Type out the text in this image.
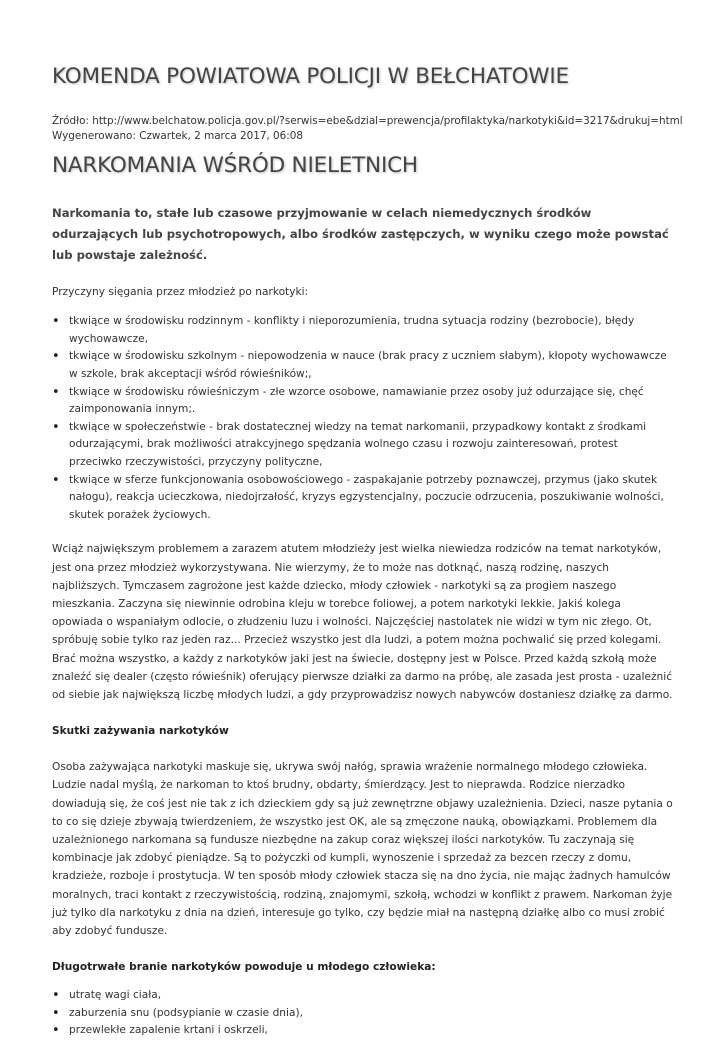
KOMENDA POWIATOWA POLICJI W BEŁCHATOWIE
Źródło: http://www.belchatow.policja.gov.pl/?serwis=ebe&dzial=prewencja/profilaktyka/narkotyki&id=3217&drukuj=html
Wygenerowano: Czwartek, 2 marca 2017, 06:08
NARKOMANIA WŚRÓD NIELETNICH

Narkomania to, stałe lub czasowe przyjmowanie w celach niemedycznych środków odurzających lub psychotropowych, albo środków zastępczych, w wyniku czego może powstać lub powstaje zależność.

Przyczyny sięgania przez młodzież po narkotyki:

• tkwiące w środowisku rodzinnym - konflikty i nieporozumienia, trudna sytuacja rodziny (bezrobocie), błędy wychowawcze,
• tkwiące w środowisku szkolnym - niepowodzenia w nauce (brak pracy z uczniem słabym), kłopoty wychowawcze w szkole, brak akceptacji wśród rówieśników;,
• tkwiące w środowisku rówieśniczym - złe wzorce osobowe, namawianie przez osoby już odurzające się, chęć zaimponowania innym;.
• tkwiące w społeczeństwie - brak dostatecznej wiedzy na temat narkomanii, przypadkowy kontakt z środkami odurzającymi, brak możliwości atrakcyjnego spędzania wolnego czasu i rozwoju zainteresowań, protest przeciwko rzeczywistości, przyczyny polityczne,
• tkwiące w sferze funkcjonowania osobowościowego - zaspakajanie potrzeby poznawczej, przymus (jako skutek nałogu), reakcja ucieczkowa, niedojrzałość, kryzys egzystencjalny, poczucie odrzucenia, poszukiwanie wolności, skutek porażek życiowych.

Wciąż największym problemem a zarazem atutem młodzieży jest wielka niewiedza rodziców na temat narkotyków, jest ona przez młodzież wykorzystywana. Nie wierzymy, że to może nas dotknąć, naszą rodzinę, naszych najbliższych. Tymczasem zagrożone jest każde dziecko, młody człowiek - narkotyki są za progiem naszego mieszkania. Zaczyna się niewinnie odrobina kleju w torebce foliowej, a potem narkotyki lekkie. Jakiś kolega opowiada o wspaniałym odlocie, o złudzeniu luzu i wolności. Najczęściej nastolatek nie widzi w tym nic złego. Ot, spróbuję sobie tylko raz jeden raz... Przecież wszystko jest dla ludzi, a potem można pochwalić się przed kolegami. Brać można wszystko, a każdy z narkotyków jaki jest na świecie, dostępny jest w Polsce. Przed każdą szkołą może znaleźć się dealer (często rówieśnik) oferujący pierwsze działki za darmo na próbę, ale zasada jest prosta - uzależnić od siebie jak największą liczbę młodych ludzi, a gdy przyprowadzisz nowych nabywców dostaniesz działkę za darmo.

Skutki zażywania narkotyków

Osoba zażywająca narkotyki maskuje się, ukrywa swój nałóg, sprawia wrażenie normalnego młodego człowieka. Ludzie nadal myślą, że narkoman to ktoś brudny, obdarty, śmierdzący. Jest to nieprawda. Rodzice nierzadko dowiadują się, że coś jest nie tak z ich dzieckiem gdy są już zewnętrzne objawy uzależnienia. Dzieci, nasze pytania o to co się dzieje zbywają twierdzeniem, że wszystko jest OK, ale są zmęczone nauką, obowiązkami. Problemem dla uzależnionego narkomana są fundusze niezbędne na zakup coraz większej ilości narkotyków. Tu zaczynają się kombinacje jak zdobyć pieniądze. Są to pożyczki od kumpli, wynoszenie i sprzedaż za bezcen rzeczy z domu, kradzieże, rozboje i prostytucja. W ten sposób młody człowiek stacza się na dno życia, nie mając żadnych hamulców moralnych, traci kontakt z rzeczywistością, rodziną, znajomymi, szkołą, wchodzi w konflikt z prawem. Narkoman żyje już tylko dla narkotyku z dnia na dzień, interesuje go tylko, czy będzie miał na następną działkę albo co musi zrobić aby zdobyć fundusze.

Długotrwałe branie narkotyków powoduje u młodego człowieka:
• utratę wagi ciała,
• zaburzenia snu (podsypianie w czasie dnia),
• przewlekłe zapalenie krtani i oskrzeli,
